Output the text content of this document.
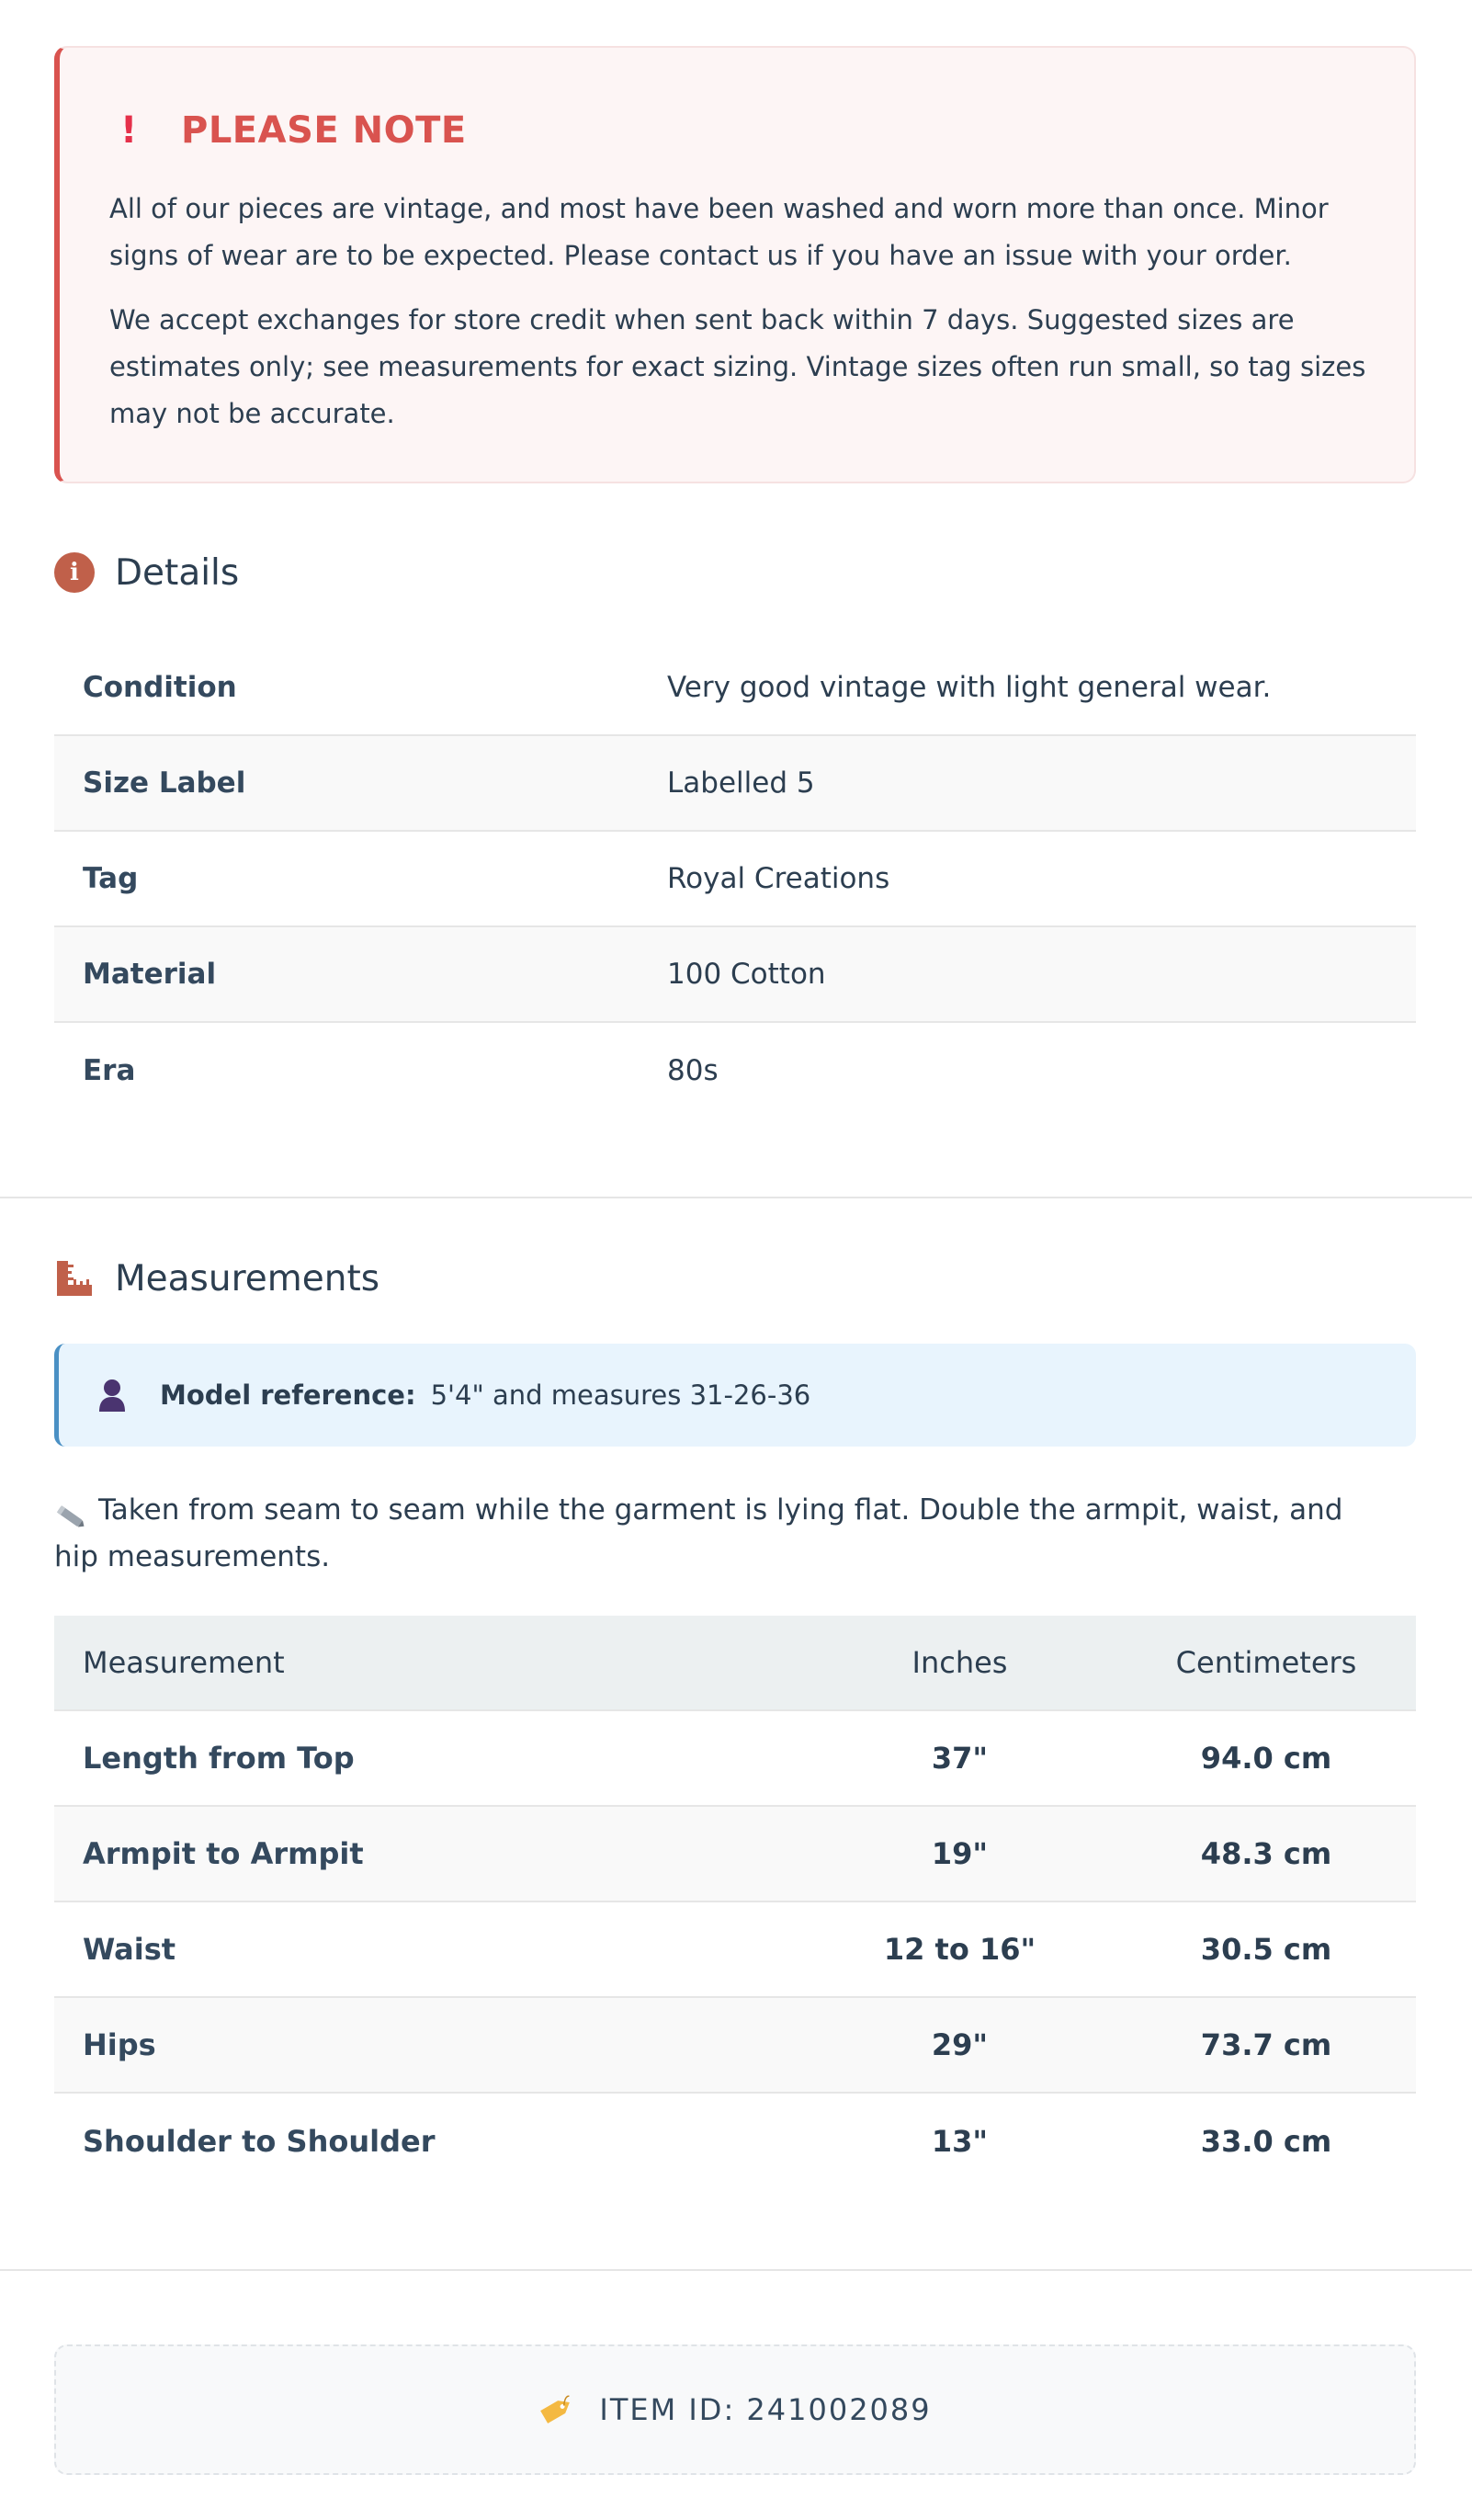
! PLEASE NOTE

All of our pieces are vintage, and most have been washed and worn more than once. Minor signs of wear are to be expected. Please contact us if you have an issue with your order.

We accept exchanges for store credit when sent back within 7 days. Suggested sizes are estimates only; see measurements for exact sizing. Vintage sizes often run small, so tag sizes may not be accurate.

i	Details
Condition	Very good vintage with light general wear.
Size Label	Labelled 5
Tag	Royal Creations
Material	100 Cotton
Era	80s
Measurements
Model reference: 5'4" and measures 31-26-36

Taken from seam to seam while the garment is lying flat. Double the armpit, waist, and hip measurements.

Measurement	Inches	Centimeters
Length from Top	37"	94.0 cm
Armpit to Armpit	19"	48.3 cm
Waist	12 to 16"	30.5 cm
Hips	29"	73.7 cm
Shoulder to Shoulder	13"	33.0 cm
ITEM ID: 241002089
